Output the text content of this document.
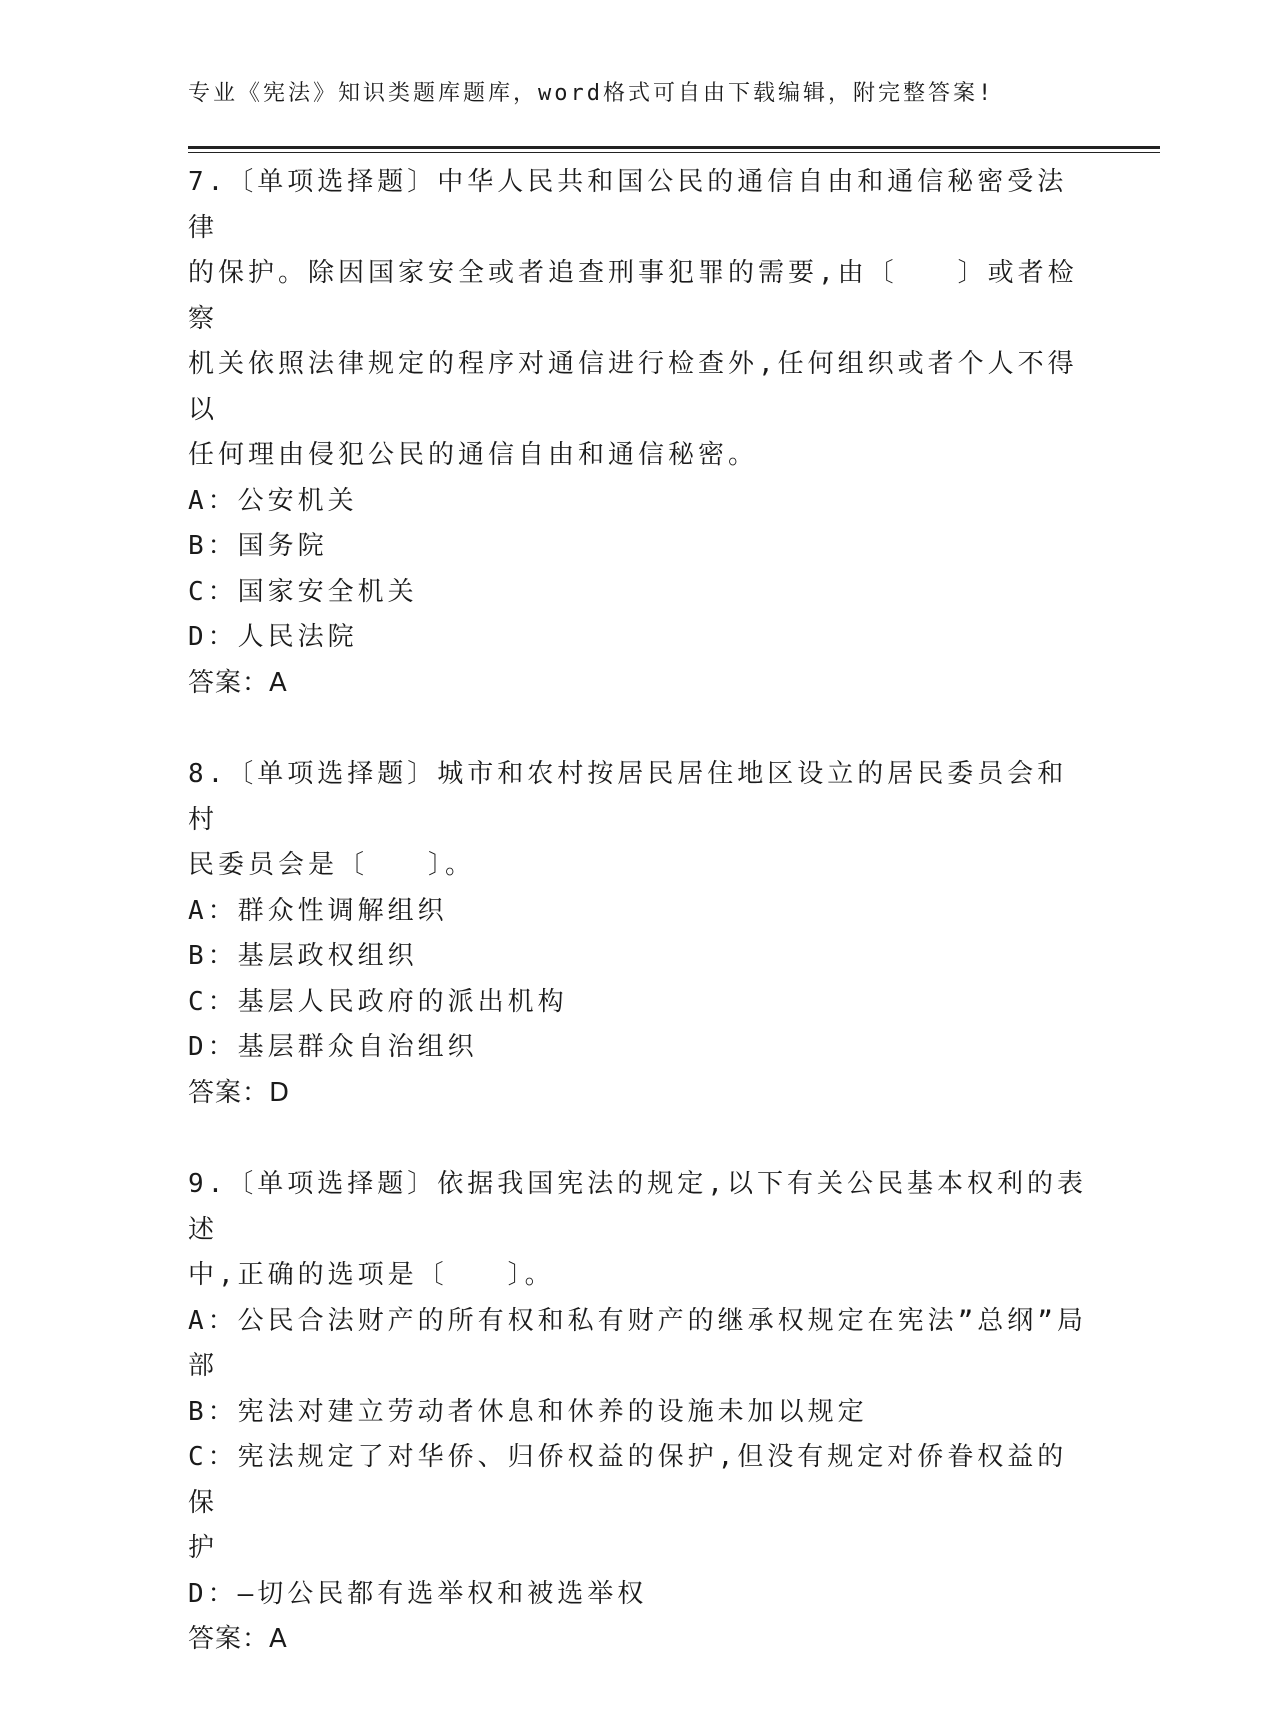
专业《宪法》知识类题库题库，word格式可自由下载编辑，附完整答案!
7.〔单项选择题〕中华人民共和国公民的通信自由和通信秘密受法律
的保护。除因国家安全或者追查刑事犯罪的需要,由〔　　〕或者检察
机关依照法律规定的程序对通信进行检查外,任何组织或者个人不得以
任何理由侵犯公民的通信自由和通信秘密。
A：公安机关
B：国务院
C：国家安全机关
D：人民法院
答案：A
8.〔单项选择题〕城市和农村按居民居住地区设立的居民委员会和村
民委员会是〔　　〕。
A：群众性调解组织
B：基层政权组织
C：基层人民政府的派出机构
D：基层群众自治组织
答案：D
9.〔单项选择题〕依据我国宪法的规定,以下有关公民基本权利的表述
中,正确的选项是〔　　〕。
A：公民合法财产的所有权和私有财产的继承权规定在宪法”总纲”局
部
B：宪法对建立劳动者休息和休养的设施未加以规定
C：宪法规定了对华侨、归侨权益的保护,但没有规定对侨眷权益的保
护
D：—切公民都有选举权和被选举权
答案：A
